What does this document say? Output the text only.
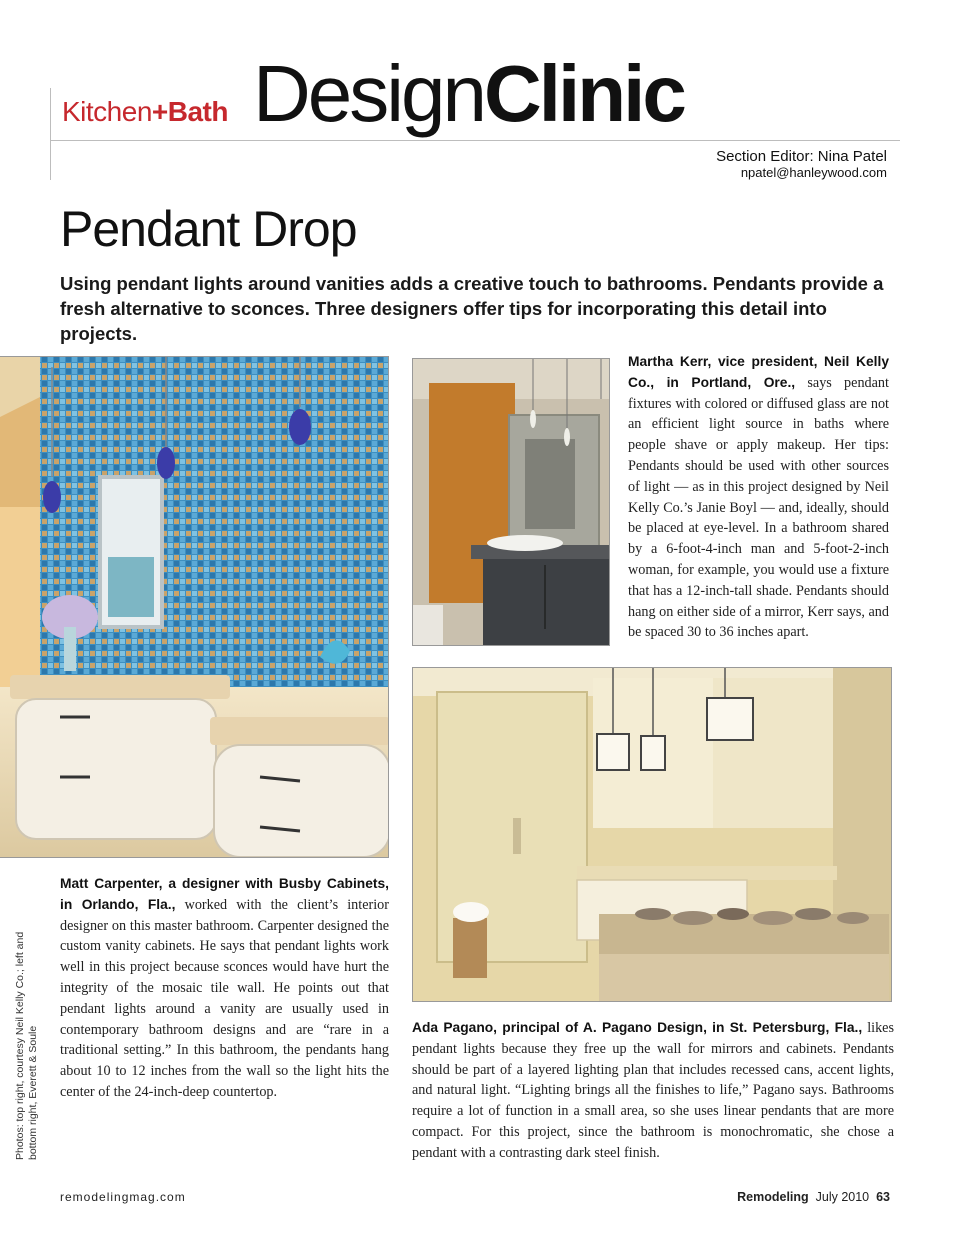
Kitchen+Bath DesignClinic
Section Editor: Nina Patel
npatel@hanleywood.com
Pendant Drop
Using pendant lights around vanities adds a creative touch to bathrooms. Pendants provide a fresh alternative to sconces. Three designers offer tips for incorporating this detail into projects.
Martha Kerr, vice president, Neil Kelly Co., in Portland, Ore., says pendant fixtures with colored or diffused glass are not an efficient light source in baths where people shave or apply makeup. Her tips: Pendants should be used with other sources of light — as in this project designed by Neil Kelly Co.’s Janie Boyl — and, ideally, should be placed at eye-level. In a bathroom shared by a 6-foot-4-inch man and 5-foot-2-inch woman, for example, you would use a fixture that has a 12-inch-tall shade. Pendants should hang on either side of a mirror, Kerr says, and be spaced 30 to 36 inches apart.
Matt Carpenter, a designer with Busby Cabinets, in Orlando, Fla., worked with the client’s interior designer on this master bathroom. Carpenter designed the custom vanity cabinets. He says that pendant lights work well in this project because sconces would have hurt the integrity of the mosaic tile wall. He points out that pendant lights around a vanity are usually used in contemporary bathroom designs and are “rare in a traditional setting.” In this bathroom, the pendants hang about 10 to 12 inches from the wall so the light hits the center of the 24-inch-deep countertop.
Ada Pagano, principal of A. Pagano Design, in St. Petersburg, Fla., likes pendant lights because they free up the wall for mirrors and cabinets. Pendants should be part of a layered lighting plan that includes recessed cans, accent lights, and natural light. “Lighting brings all the finishes to life,” Pagano says. Bathrooms require a lot of function in a small area, so she uses linear pendants that are more compact. For this project, since the bathroom is monochromatic, she chose a pendant with a contrasting dark steel finish.
Photos: top right, courtesy Neil Kelly Co.; left and bottom right, Everett & Soule
remodelingmag.com	Remodeling July 2010 63
